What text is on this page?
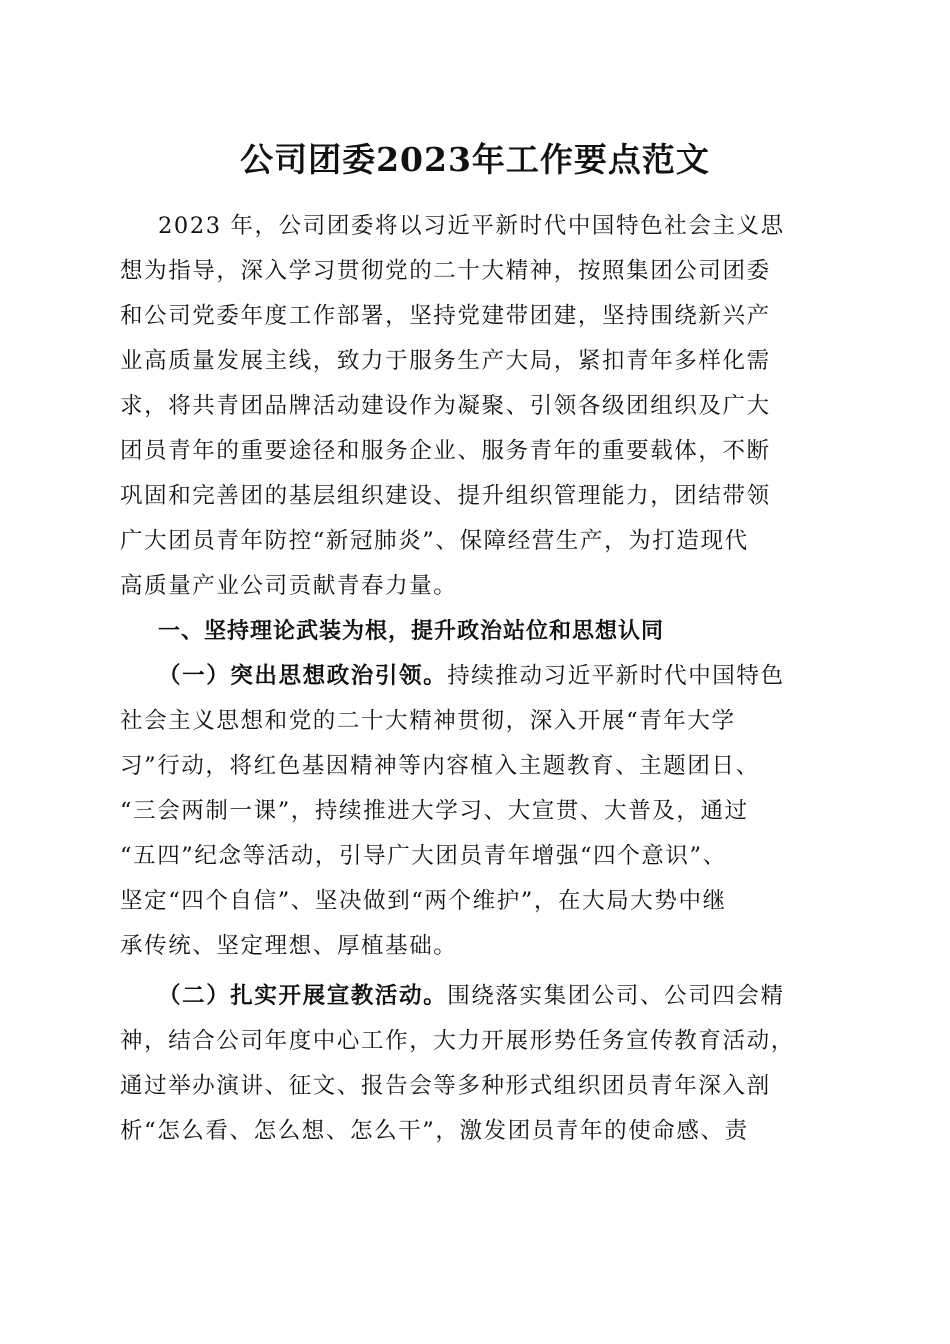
公司团委2023年工作要点范文
2023 年，公司团委将以习近平新时代中国特色社会主义思
想为指导，深入学习贯彻党的二十大精神，按照集团公司团委
和公司党委年度工作部署，坚持党建带团建，坚持围绕新兴产
业高质量发展主线，致力于服务生产大局，紧扣青年多样化需
求，将共青团品牌活动建设作为凝聚、引领各级团组织及广大
团员青年的重要途径和服务企业、服务青年的重要载体，不断
巩固和完善团的基层组织建设、提升组织管理能力，团结带领
广大团员青年防控“新冠肺炎”、保障经营生产，为打造现代
高质量产业公司贡献青春力量。
一、坚持理论武装为根，提升政治站位和思想认同
（一）突出思想政治引领。持续推动习近平新时代中国特色
社会主义思想和党的二十大精神贯彻，深入开展“青年大学
习”行动，将红色基因精神等内容植入主题教育、主题团日、
“三会两制一课”，持续推进大学习、大宣贯、大普及，通过
“五四”纪念等活动，引导广大团员青年增强“四个意识”、
坚定“四个自信”、坚决做到“两个维护”，在大局大势中继
承传统、坚定理想、厚植基础。
（二）扎实开展宣教活动。围绕落实集团公司、公司四会精
神，结合公司年度中心工作，大力开展形势任务宣传教育活动，
通过举办演讲、征文、报告会等多种形式组织团员青年深入剖
析“怎么看、怎么想、怎么干”，激发团员青年的使命感、责
